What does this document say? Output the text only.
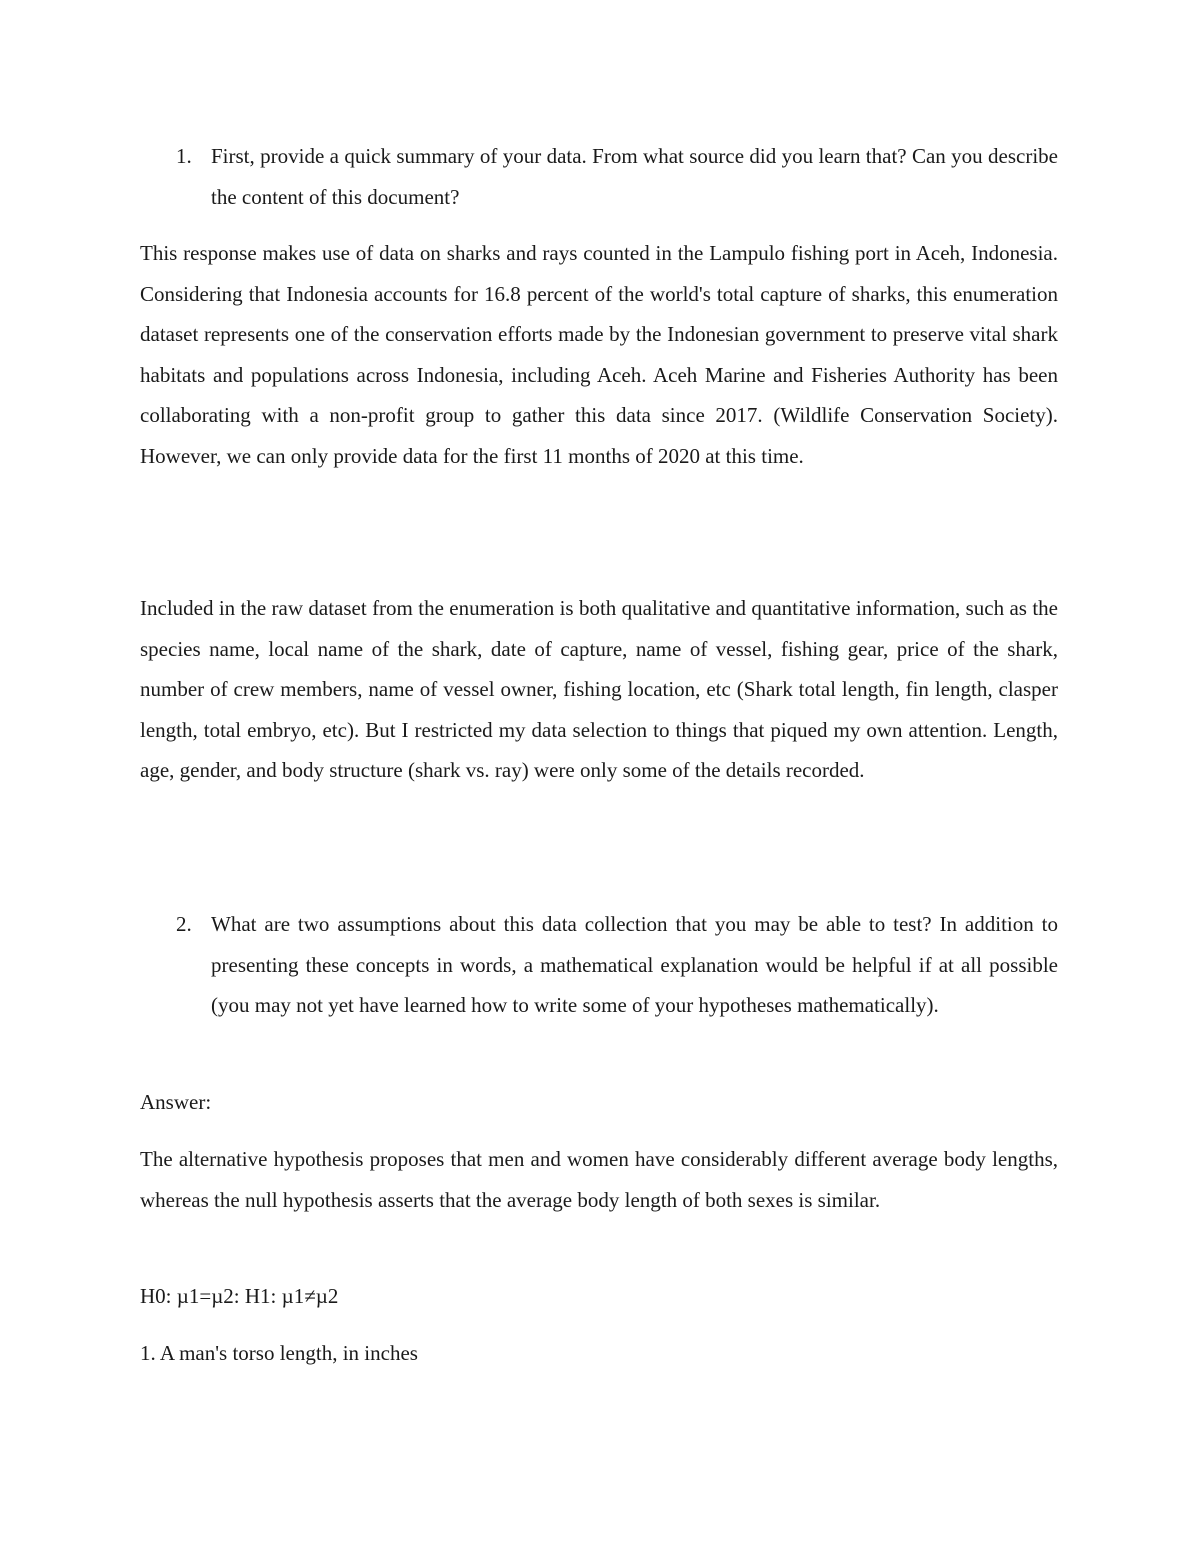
1. First, provide a quick summary of your data. From what source did you learn that? Can you describe the content of this document?

This response makes use of data on sharks and rays counted in the Lampulo fishing port in Aceh, Indonesia. Considering that Indonesia accounts for 16.8 percent of the world's total capture of sharks, this enumeration dataset represents one of the conservation efforts made by the Indonesian government to preserve vital shark habitats and populations across Indonesia, including Aceh. Aceh Marine and Fisheries Authority has been collaborating with a non-profit group to gather this data since 2017. (Wildlife Conservation Society). However, we can only provide data for the first 11 months of 2020 at this time.

Included in the raw dataset from the enumeration is both qualitative and quantitative information, such as the species name, local name of the shark, date of capture, name of vessel, fishing gear, price of the shark, number of crew members, name of vessel owner, fishing location, etc (Shark total length, fin length, clasper length, total embryo, etc). But I restricted my data selection to things that piqued my own attention. Length, age, gender, and body structure (shark vs. ray) were only some of the details recorded.

2. What are two assumptions about this data collection that you may be able to test? In addition to presenting these concepts in words, a mathematical explanation would be helpful if at all possible (you may not yet have learned how to write some of your hypotheses mathematically).

Answer:

The alternative hypothesis proposes that men and women have considerably different average body lengths, whereas the null hypothesis asserts that the average body length of both sexes is similar.

H0: µ1=µ2: H1: µ1≠µ2

1. A man's torso length, in inches
